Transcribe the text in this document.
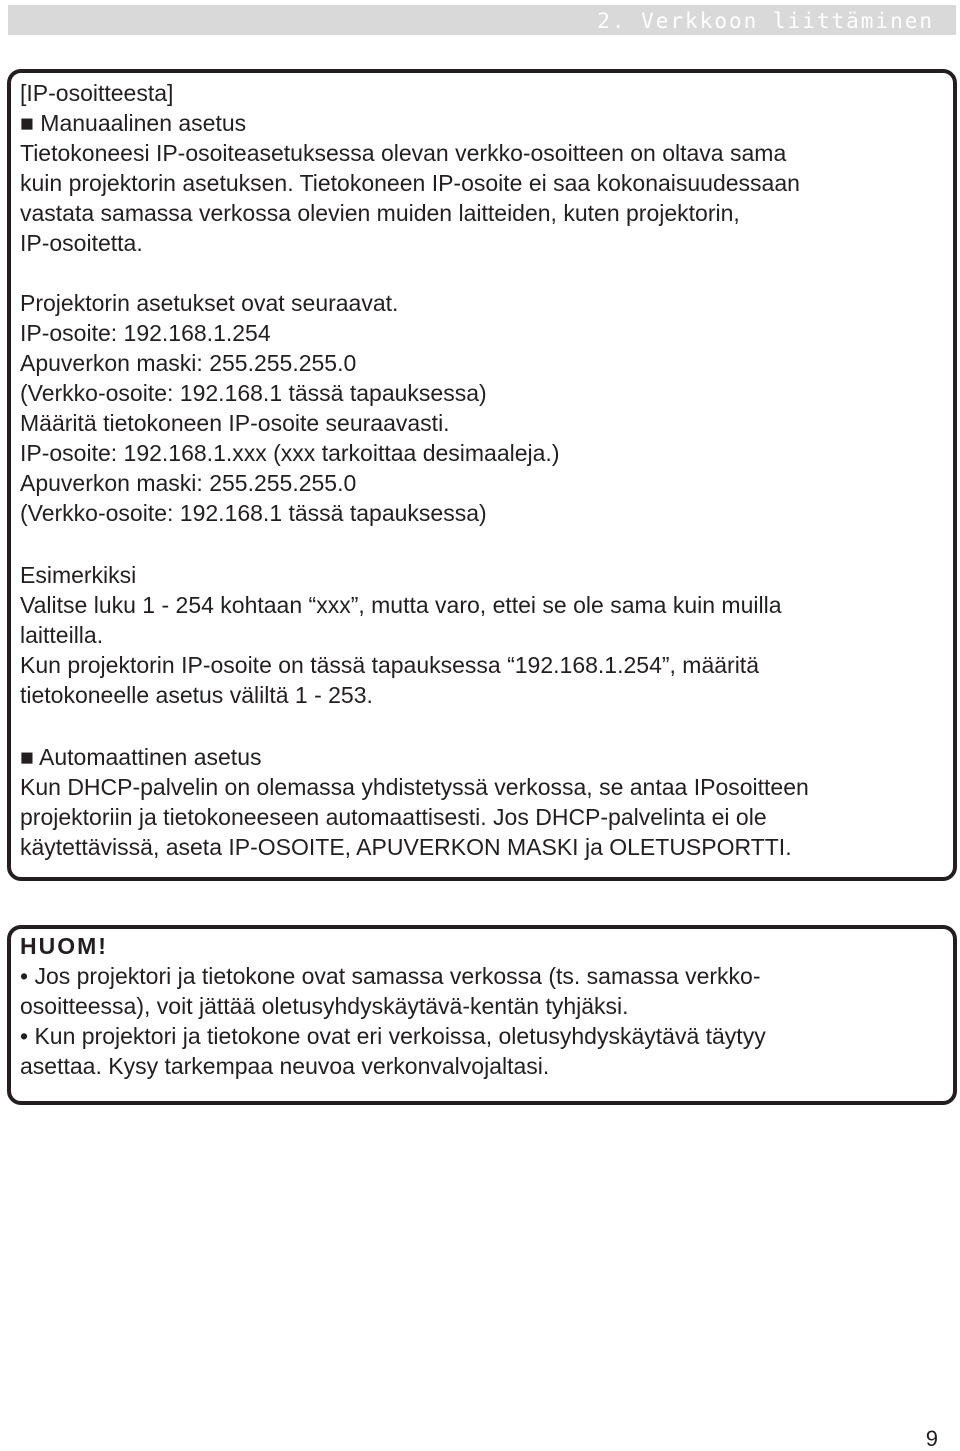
2. Verkkoon liittäminen
[IP-osoitteesta]
■ Manuaalinen asetus
Tietokoneesi IP-osoiteasetuksessa olevan verkko-osoitteen on oltava sama
kuin projektorin asetuksen. Tietokoneen IP-osoite ei saa kokonaisuudessaan
vastata samassa verkossa olevien muiden laitteiden, kuten projektorin,
IP-osoitetta.
Projektorin asetukset ovat seuraavat.
IP-osoite: 192.168.1.254
Apuverkon maski: 255.255.255.0
(Verkko-osoite: 192.168.1 tässä tapauksessa)
Määritä tietokoneen IP-osoite seuraavasti.
IP-osoite: 192.168.1.xxx (xxx tarkoittaa desimaaleja.)
Apuverkon maski: 255.255.255.0
(Verkko-osoite: 192.168.1 tässä tapauksessa)
Esimerkiksi
Valitse luku 1 - 254 kohtaan “xxx”, mutta varo, ettei se ole sama kuin muilla
laitteilla.
Kun projektorin IP-osoite on tässä tapauksessa “192.168.1.254”, määritä
tietokoneelle asetus väliltä 1 - 253.
■ Automaattinen asetus
Kun DHCP-palvelin on olemassa yhdistetyssä verkossa, se antaa IPosoitteen
projektoriin ja tietokoneeseen automaattisesti. Jos DHCP-palvelinta ei ole
käytettävissä, aseta IP-OSOITE, APUVERKON MASKI ja OLETUSPORTTI.
HUOM!
• Jos projektori ja tietokone ovat samassa verkossa (ts. samassa verkko-
osoitteessa), voit jättää oletusyhdyskäytävä-kentän tyhjäksi.
• Kun projektori ja tietokone ovat eri verkoissa, oletusyhdyskäytävä täytyy
asettaa. Kysy tarkempaa neuvoa verkonvalvojaltasi.
9
